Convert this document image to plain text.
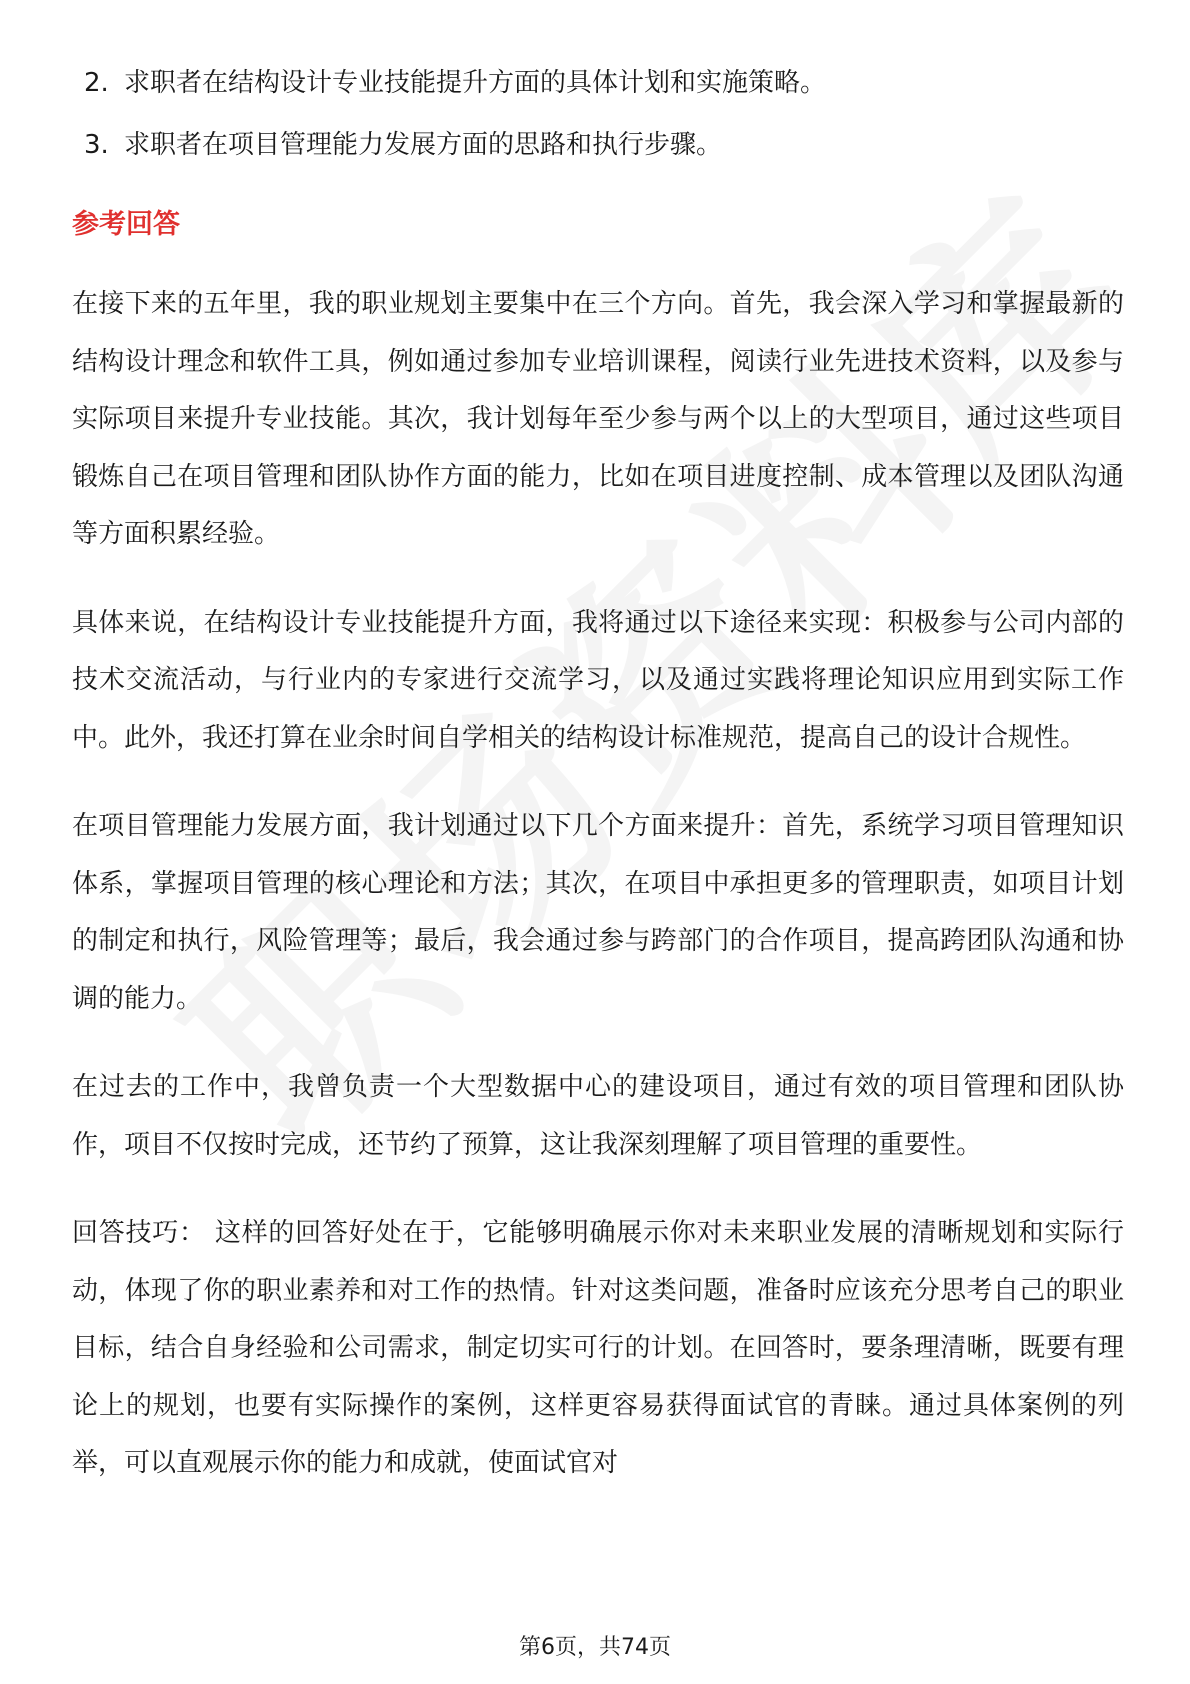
2. 求职者在结构设计专业技能提升方面的具体计划和实施策略。
3. 求职者在项目管理能力发展方面的思路和执行步骤。
参考回答

在接下来的五年里，我的职业规划主要集中在三个方向。首先，我会深入学习和掌握最新的结构设计理念和软件工具，例如通过参加专业培训课程，阅读行业先进技术资料，以及参与实际项目来提升专业技能。其次，我计划每年至少参与两个以上的大型项目，通过这些项目锻炼自己在项目管理和团队协作方面的能力，比如在项目进度控制、成本管理以及团队沟通等方面积累经验。

具体来说，在结构设计专业技能提升方面，我将通过以下途径来实现：积极参与公司内部的技术交流活动，与行业内的专家进行交流学习，以及通过实践将理论知识应用到实际工作中。此外，我还打算在业余时间自学相关的结构设计标准规范，提高自己的设计合规性。

在项目管理能力发展方面，我计划通过以下几个方面来提升：首先，系统学习项目管理知识体系，掌握项目管理的核心理论和方法；其次，在项目中承担更多的管理职责，如项目计划的制定和执行，风险管理等；最后，我会通过参与跨部门的合作项目，提高跨团队沟通和协调的能力。

在过去的工作中，我曾负责一个大型数据中心的建设项目，通过有效的项目管理和团队协作，项目不仅按时完成，还节约了预算，这让我深刻理解了项目管理的重要性。

回答技巧： 这样的回答好处在于，它能够明确展示你对未来职业发展的清晰规划和实际行动，体现了你的职业素养和对工作的热情。针对这类问题，准备时应该充分思考自己的职业目标，结合自身经验和公司需求，制定切实可行的计划。在回答时，要条理清晰，既要有理论上的规划，也要有实际操作的案例，这样更容易获得面试官的青睐。通过具体案例的列举，可以直观展示你的能力和成就，使面试官对

第6页，共74页
